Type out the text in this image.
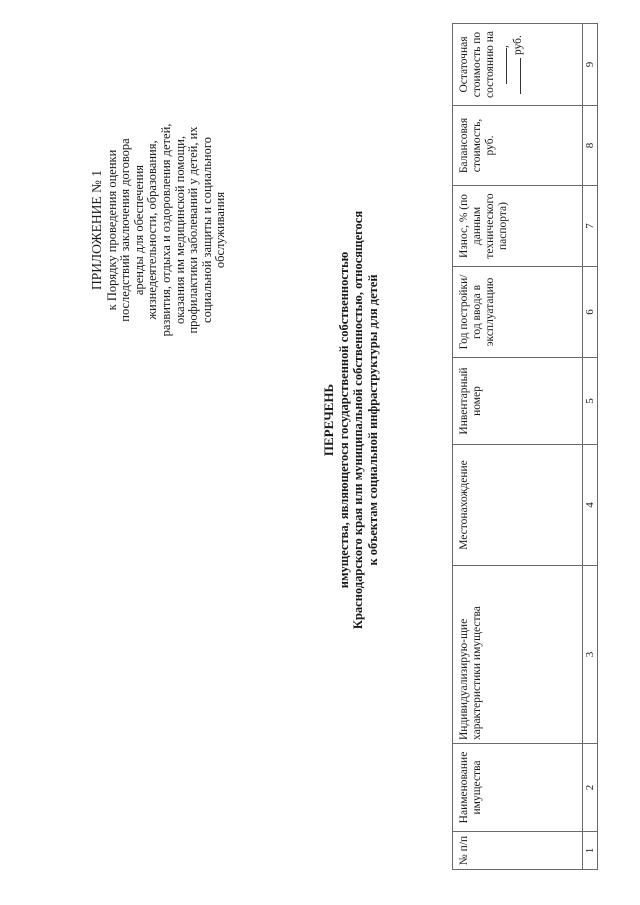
ПРИЛОЖЕНИЕ № 1 к Порядку проведения оценки последствий заключения договора аренды для обеспечения жизнедеятельности, образования, развития, отдыха и оздоровления детей, оказания им медицинской помощи, профилактики заболеваний у детей, их социальной защиты и социального обслуживания
ПЕРЕЧЕНЬ имущества, являющегося государственной собственностью Краснодарского края или муниципальной собственностью, относящегося к объектам социальной инфраструктуры для детей
№ п/п	Наименование имущества	Индивидуализирую-щие характеристики имущества	Местонахождение	Инвентарный номер	Год постройки/ год ввода в эксплуатацию	Износ, % (по данным технического паспорта)	Балансовая стоимость, руб.	Остаточная стоимость по состоянию на ,  руб.
1	2	3	4	5	6	7	8	9
